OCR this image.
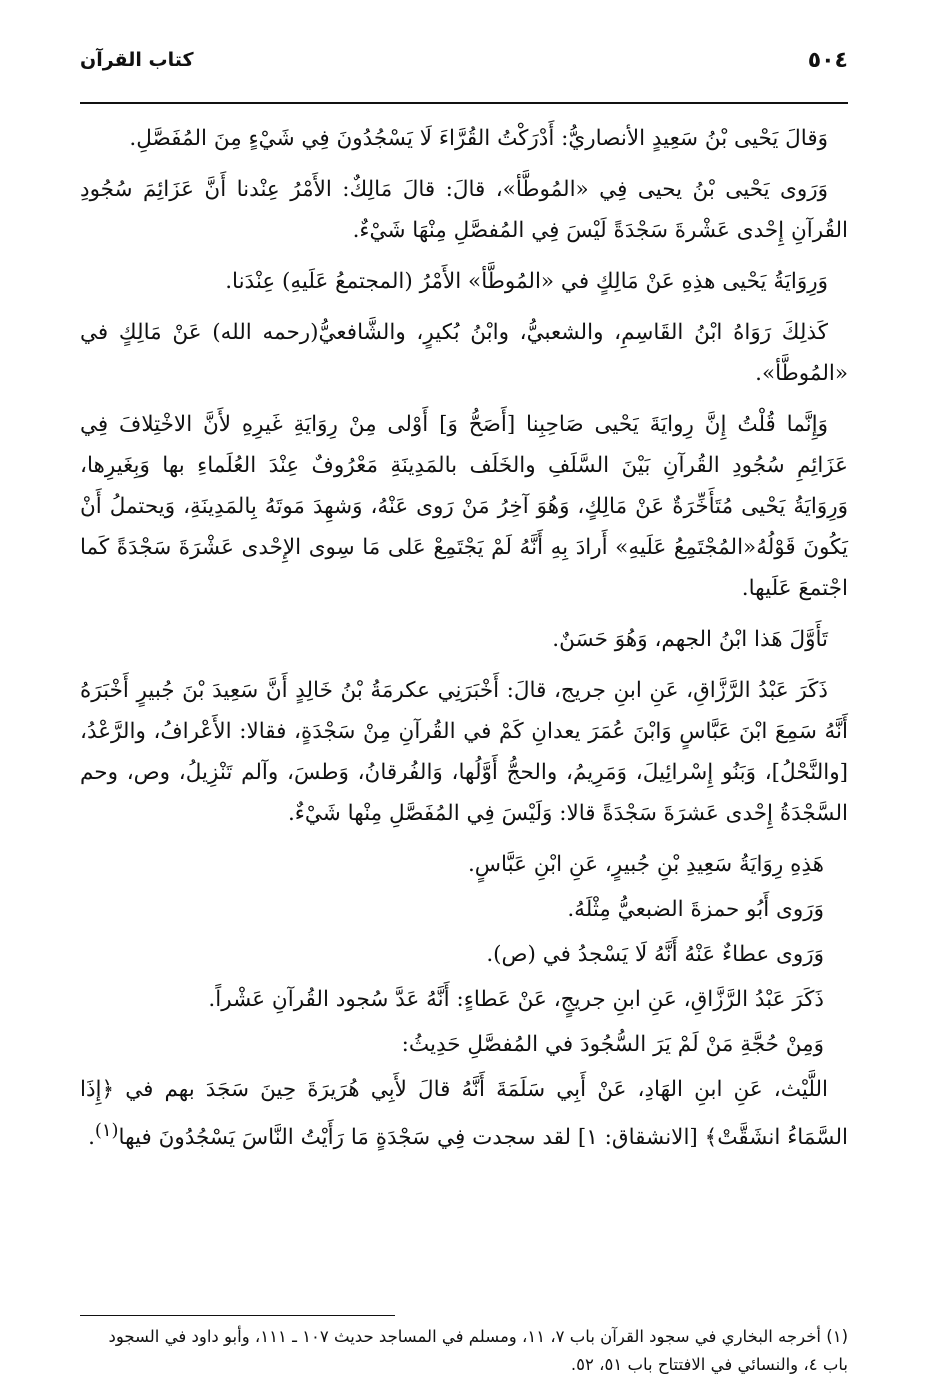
٥٠٤
كتاب القرآن

وَقالَ يَحْيى بْنُ سَعِيدٍ الأنصاريُّ: أَدْرَكْتُ القُرَّاءَ لَا يَسْجُدُونَ فِي شَيْءٍ مِنَ المُفَصَّلِ.

وَرَوى يَحْيى بْنُ يحيى فِي «المُوطَّأ»، قالَ: قالَ مَالِكٌ: الأَمْرُ عِنْدنا أَنَّ عَزَائِمَ سُجُودِ القُرآنِ إِحْدى عَشْرةَ سَجْدَةً لَيْسَ فِي المُفصَّلِ مِنْهَا شَيْءٌ.

وَرِوَايَةُ يَحْيى هذِهِ عَنْ مَالِكٍ في «المُوطَّأ» الأَمْرُ (المجتمعُ عَلَيهِ) عِنْدَنا.

كَذلِكَ رَوَاهُ ابْنُ القَاسِمِ، والشعبيُّ، وابْنُ بُكيرٍ، والشَّافعيُّ(رحمه الله) عَنْ مَالِكٍ في «المُوطَّأ».

وَإِنَّما قُلْتُ إِنَّ رِوايَةَ يَحْيى صَاحِبِنا [أَصَحُّ وَ] أَوْلى مِنْ رِوَايَةِ غَيرِهِ لأَنَّ الاخْتِلافَ فِي عَزَائِمِ سُجُودِ القُرآنِ بَيْنَ السَّلَفِ والخَلَف بالمَدِينَةِ مَعْرُوفٌ عِنْدَ العُلَماءِ بها وَبِغَيرِها، وَرِوَايَةُ يَحْيى مُتَأَخِّرَةٌ عَنْ مَالِكٍ، وَهُوَ آخِرُ مَنْ رَوى عَنْهُ، وَشهِدَ مَوتَهُ بِالمَدِينَةِ، وَيحتملُ أَنْ يَكُونَ قَوْلُهُ«المُجْتَمِعُ عَلَيهِ» أَرادَ بِهِ أَنَّهُ لَمْ يَجْتَمِعْ عَلى مَا سِوى الإِحْدى عَشْرَةَ سَجْدَةً كَما اجْتمعَ عَلَيها.

تَأَوَّلَ هَذا ابْنُ الجهم، وَهُوَ حَسَنٌ.

ذَكَرَ عَبْدُ الرَّزَّاقِ، عَنِ ابنِ جريج، قالَ: أَخْبَرَنِي عكرمَةُ بْنُ خَالِدٍ أَنَّ سَعِيدَ بْنَ جُبيرٍ أَخْبَرَهُ أَنَّهُ سَمِعَ ابْنَ عَبَّاسٍ وَابْنَ عُمَرَ يعدانِ كَمْ في القُرآنِ مِنْ سَجْدَةٍ، فقالا: الأَعْرافُ، والرَّعْدُ، [والنَّحْلُ]، وَبَنُو إِسْرائِيلَ، وَمَرِيمُ، والحجُّ أَوَّلُها، وَالفُرقانُ، وَطسَ، وآلم تَنْزِيلُ، وص، وحم السَّجْدَةُ إِحْدى عَشرَةَ سَجْدَةً قالا: وَلَيْسَ فِي المُفَصَّلِ مِنْها شَيْءٌ.

هَذِهِ رِوَايَةُ سَعِيدِ بْنِ جُبيرٍ، عَنِ ابْنِ عَبَّاسٍ.

وَرَوى أَبُو حمزةَ الضبعيُّ مِثْلَهُ.

وَرَوى عطاءٌ عَنْهُ أَنَّهُ لَا يَسْجدُ في (ص).

ذَكَرَ عَبْدُ الرَّزَّاقِ، عَنِ ابنِ جريجٍ، عَنْ عَطاءٍ: أَنَّهُ عَدَّ سُجود القُرآنِ عَشْراً.

وَمِنْ حُجَّةِ مَنْ لَمْ يَرَ السُّجُودَ في المُفصَّلِ حَدِيثُ:

اللَّيْث، عَنِ ابنِ الهَادِ، عَنْ أَبِي سَلَمَةَ أَنَّهُ قالَ لأَبِي هُرَيرَةَ حِينَ سَجَدَ بهم في ﴿إِذَا السَّمَاءُ انشَقَّتْ﴾ [الانشقاق: ١] لقد سجدت فِي سَجْدَةٍ مَا رَأَيْتُ النَّاسَ يَسْجُدُونَ فيها$^{(١)}$.

(١) أخرجه البخاري في سجود القرآن باب ٧، ١١، ومسلم في المساجد حديث ١٠٧ ـ ١١١، وأبو داود في السجود باب ٤، والنسائي في الافتتاح باب ٥١، ٥٢.
